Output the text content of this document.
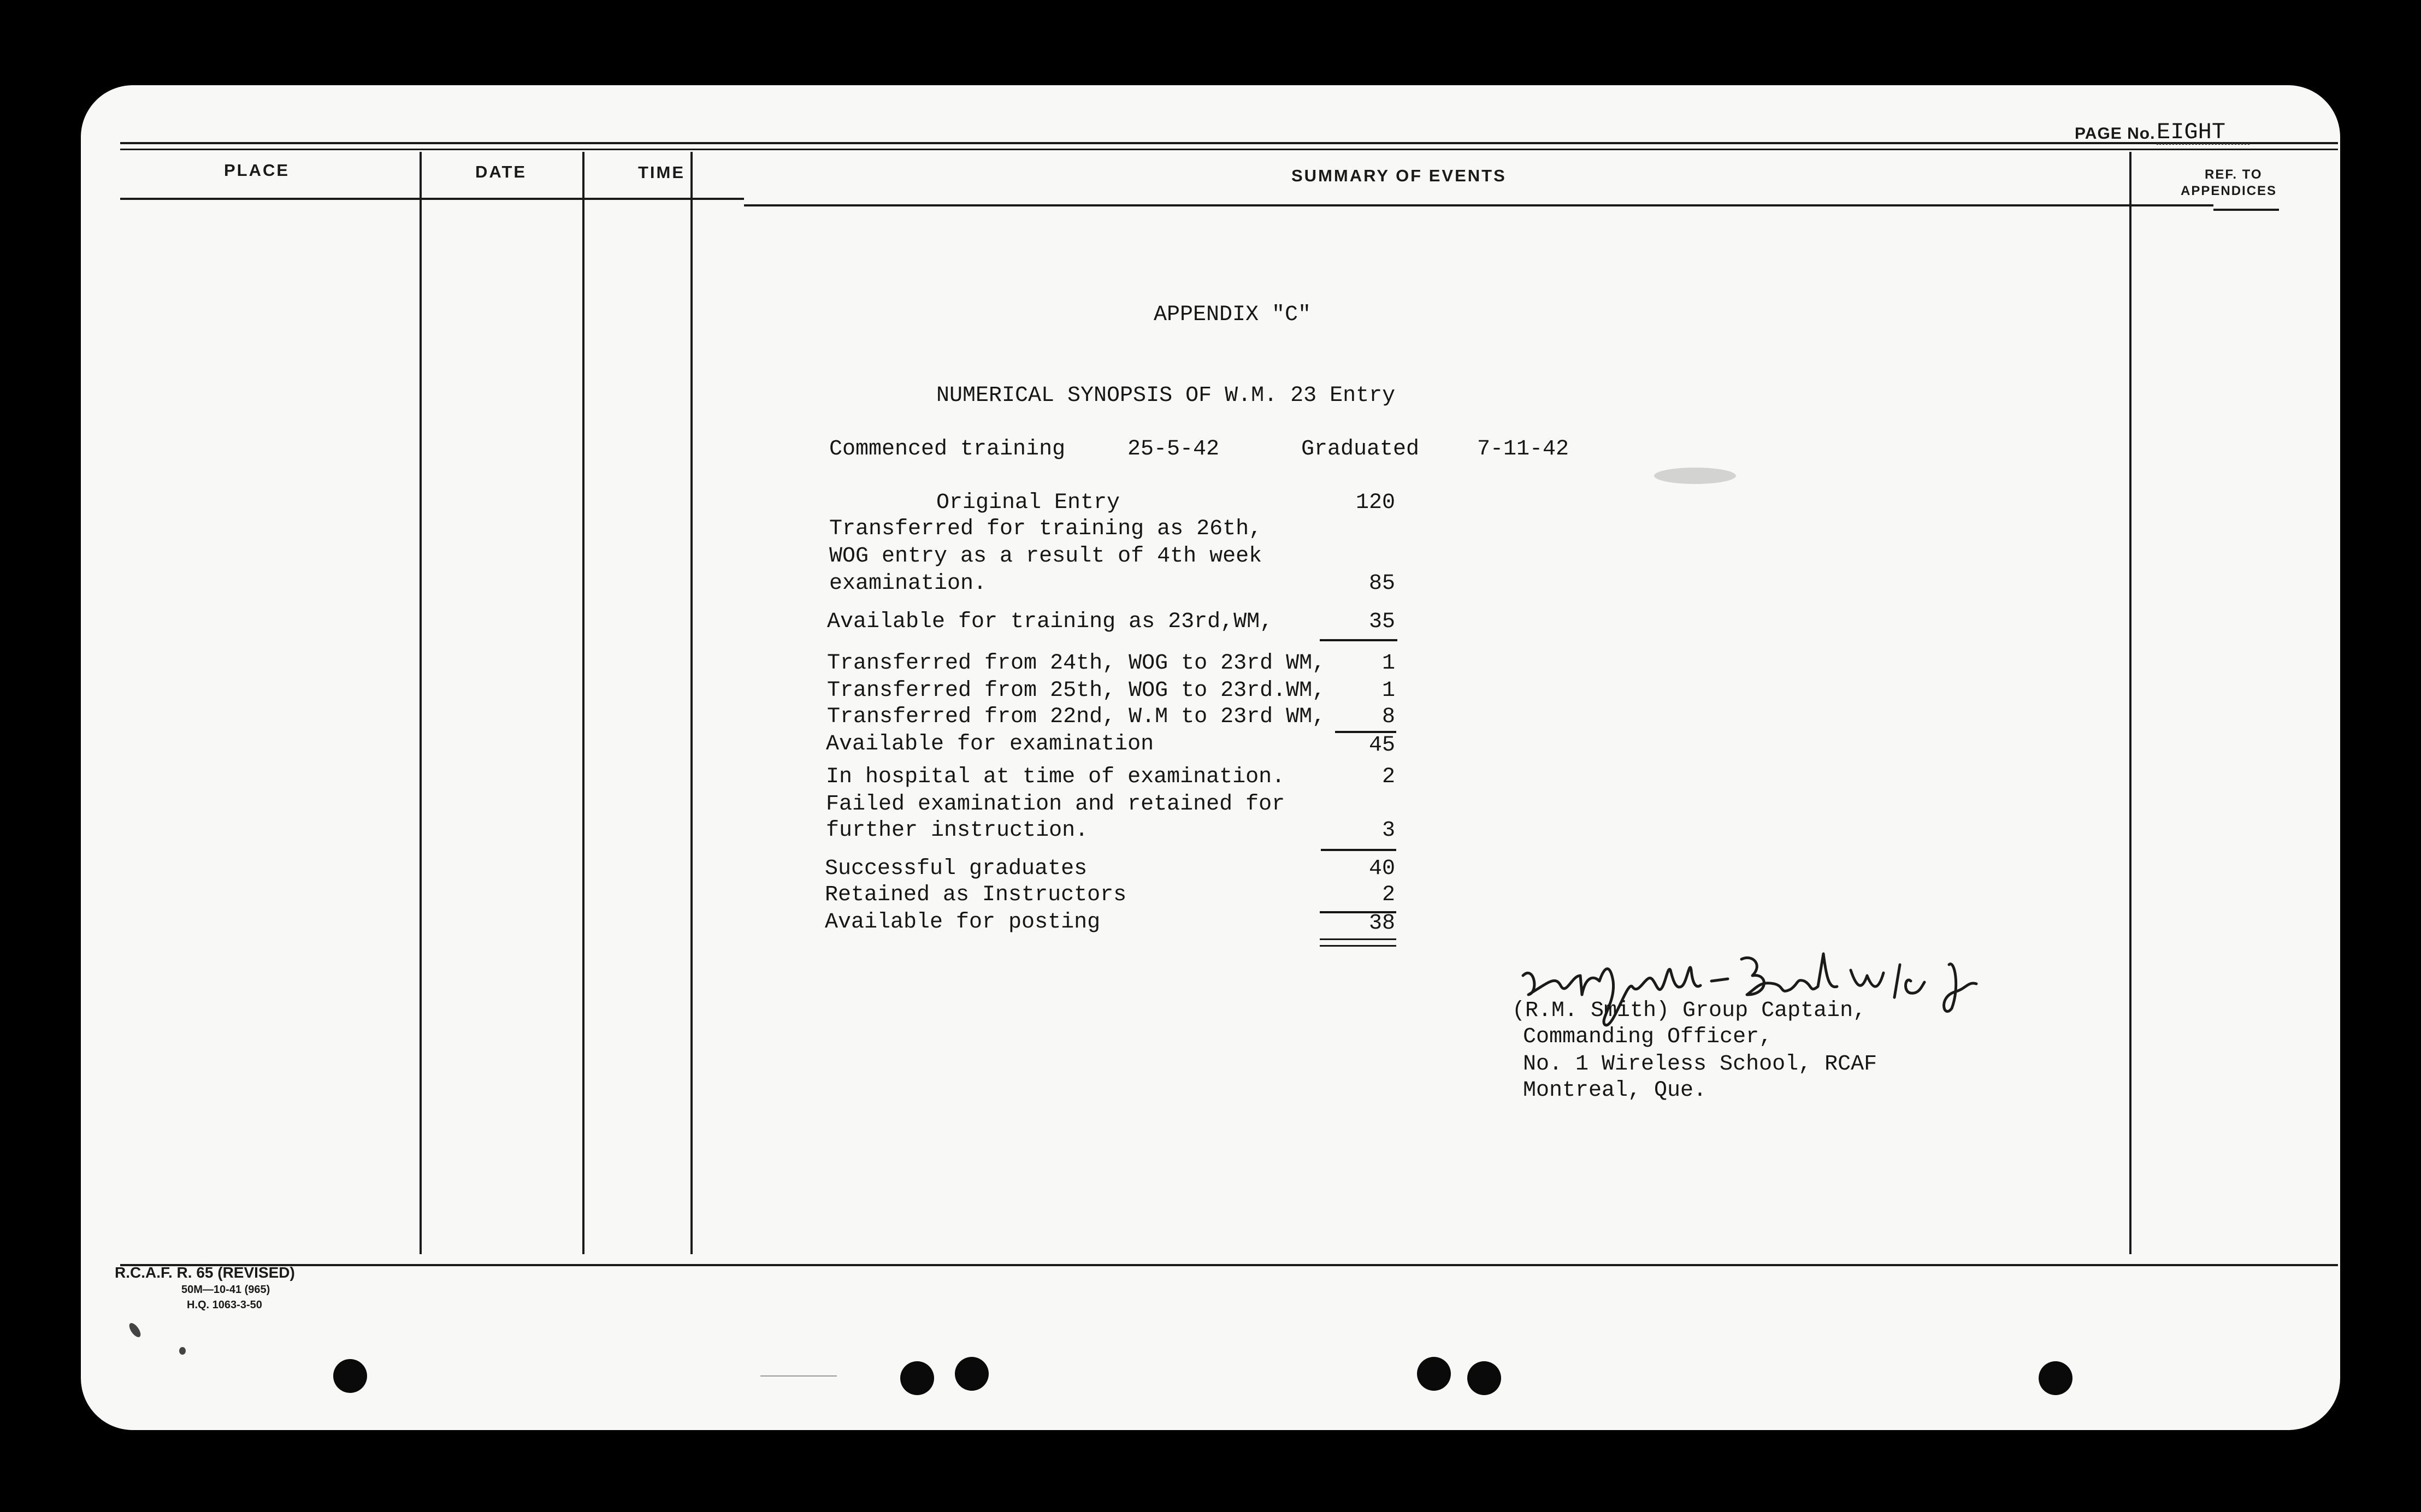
PAGE No. EIGHT
PLACE	DATE	TIME	SUMMARY OF EVENTS	REF. TO
APPENDICES
APPENDIX "C"
NUMERICAL SYNOPSIS OF W.M. 23 Entry
Commenced training	25-5-42	Graduated	7-11-42
Original Entry	120
Transferred for training as 26th,
WOG entry as a result of 4th week
examination.	85
Available for training as 23rd,WM,	35
Transferred from 24th, WOG to 23rd WM,	1
Transferred from 25th, WOG to 23rd.WM,	1
Transferred from 22nd, W.M to 23rd WM,	8
Available for examination	45
In hospital at time of examination.	2
Failed examination and retained for
further instruction.	3
Successful graduates	40
Retained as Instructors	2
Available for posting	38
(R.M. Smith) Group Captain,
Commanding Officer,
No. 1 Wireless School, RCAF
Montreal, Que.
R.C.A.F. R. 65 (REVISED)
50M—10-41 (965)
H.Q. 1063-3-50
